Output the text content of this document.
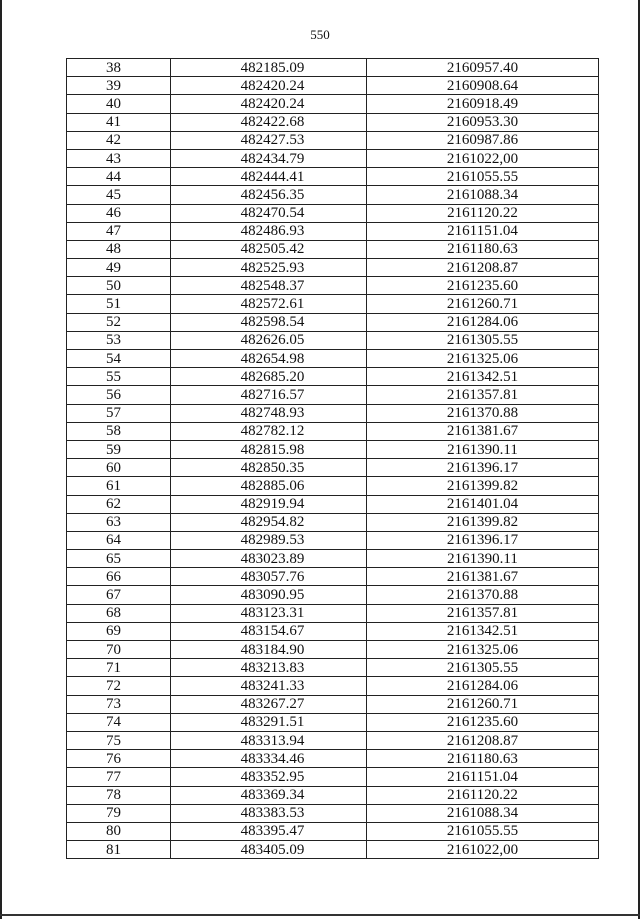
550
38	482185.09	2160957.40
39	482420.24	2160908.64
40	482420.24	2160918.49
41	482422.68	2160953.30
42	482427.53	2160987.86
43	482434.79	2161022,00
44	482444.41	2161055.55
45	482456.35	2161088.34
46	482470.54	2161120.22
47	482486.93	2161151.04
48	482505.42	2161180.63
49	482525.93	2161208.87
50	482548.37	2161235.60
51	482572.61	2161260.71
52	482598.54	2161284.06
53	482626.05	2161305.55
54	482654.98	2161325.06
55	482685.20	2161342.51
56	482716.57	2161357.81
57	482748.93	2161370.88
58	482782.12	2161381.67
59	482815.98	2161390.11
60	482850.35	2161396.17
61	482885.06	2161399.82
62	482919.94	2161401.04
63	482954.82	2161399.82
64	482989.53	2161396.17
65	483023.89	2161390.11
66	483057.76	2161381.67
67	483090.95	2161370.88
68	483123.31	2161357.81
69	483154.67	2161342.51
70	483184.90	2161325.06
71	483213.83	2161305.55
72	483241.33	2161284.06
73	483267.27	2161260.71
74	483291.51	2161235.60
75	483313.94	2161208.87
76	483334.46	2161180.63
77	483352.95	2161151.04
78	483369.34	2161120.22
79	483383.53	2161088.34
80	483395.47	2161055.55
81	483405.09	2161022,00
